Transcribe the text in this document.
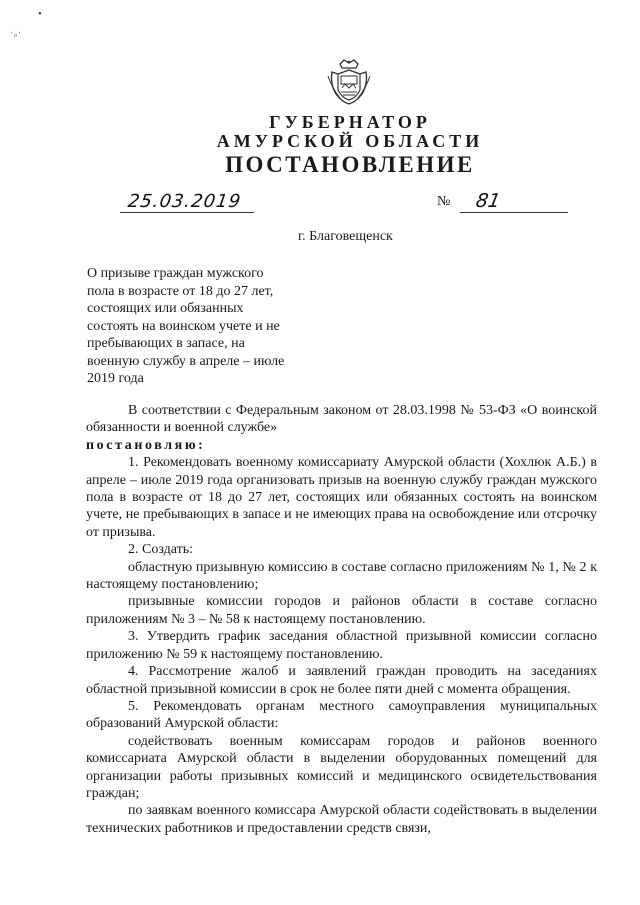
•
ˈ◦ˈ
ГУБЕРНАТОР
АМУРСКОЙ ОБЛАСТИ
ПОСТАНОВЛЕНИЕ
25.03.2019	№ 81
г. Благовещенск
О призыве граждан мужского
пола в возрасте от 18 до 27 лет,
состоящих или обязанных
состоять на воинском учете и не
пребывающих в запасе, на
военную службу в апреле – июле
2019 года

В соответствии с Федеральным законом от 28.03.1998 № 53-ФЗ «О воинской обязанности и военной службе»

постановляю:

1. Рекомендовать военному комиссариату Амурской области (Хохлюк А.Б.) в апреле – июле 2019 года организовать призыв на военную службу граждан мужского пола в возрасте от 18 до 27 лет, состоящих или обязанных состоять на воинском учете, не пребывающих в запасе и не имеющих права на освобождение или отсрочку от призыва.

2. Создать:

областную призывную комиссию в составе согласно приложениям № 1, № 2 к настоящему постановлению;

призывные комиссии городов и районов области в составе согласно приложениям № 3 – № 58 к настоящему постановлению.

3. Утвердить график заседания областной призывной комиссии согласно приложению № 59 к настоящему постановлению.

4. Рассмотрение жалоб и заявлений граждан проводить на заседаниях областной призывной комиссии в срок не более пяти дней с момента обращения.

5. Рекомендовать органам местного самоуправления муниципальных образований Амурской области:

содействовать военным комиссарам городов и районов военного комиссариата Амурской области в выделении оборудованных помещений для организации работы призывных комиссий и медицинского освидетельствования граждан;

по заявкам военного комиссара Амурской области содействовать в выделении технических работников и предоставлении средств связи,
